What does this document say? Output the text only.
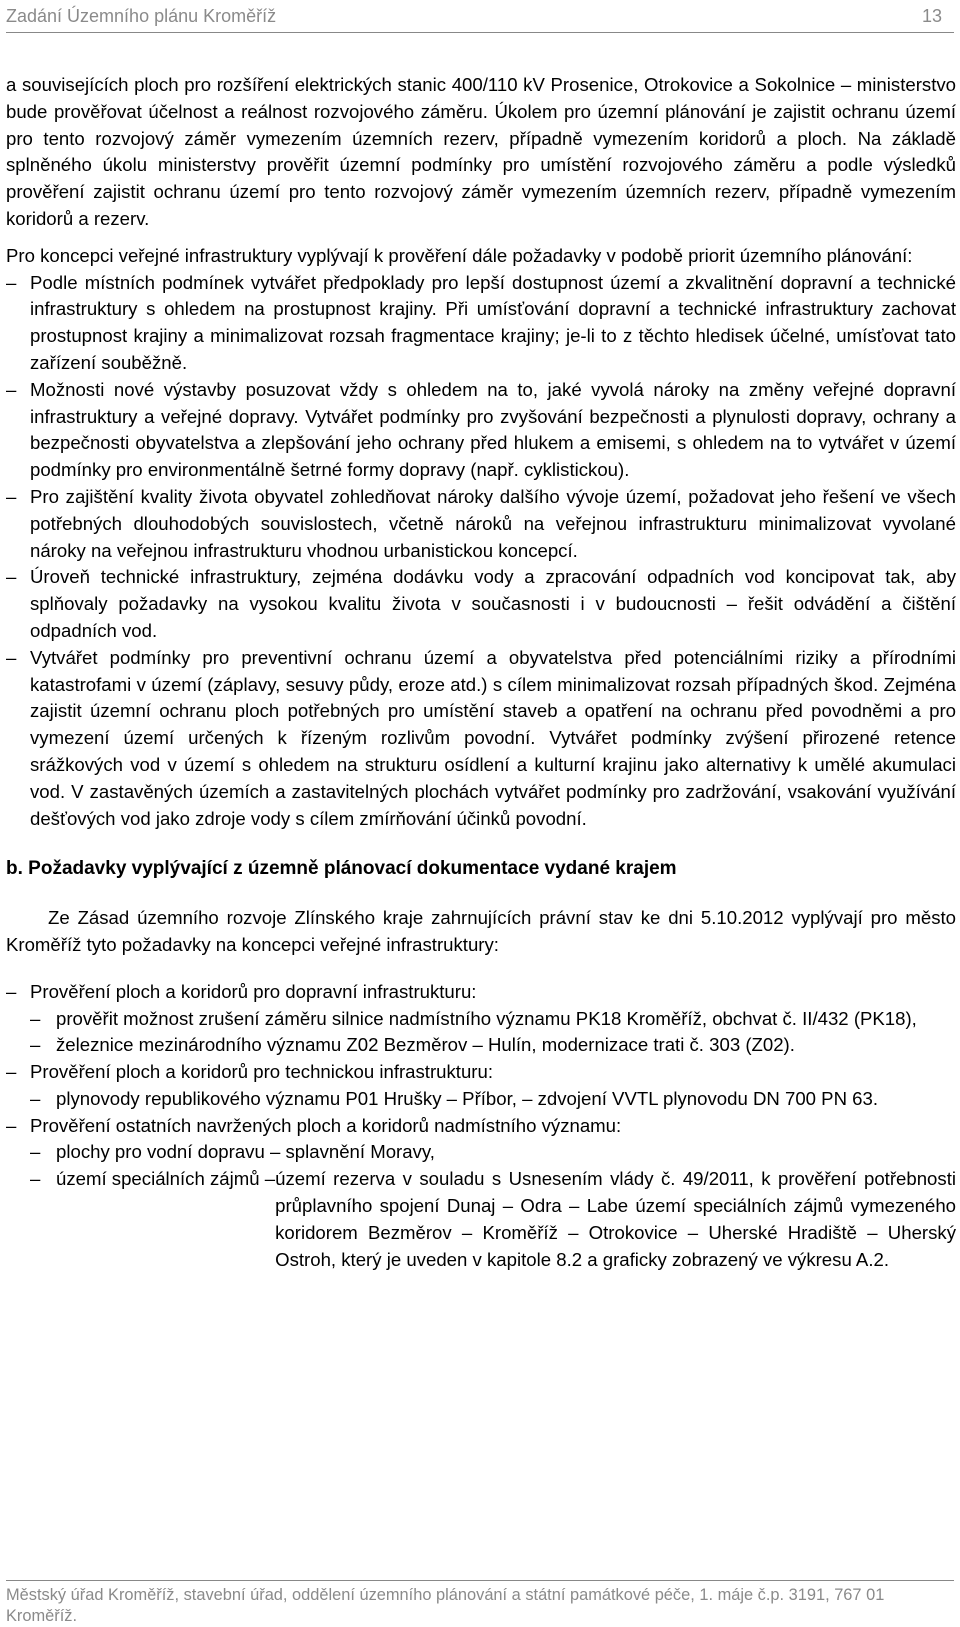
Zadání Územního plánu Kroměříž	13

a souvisejících ploch pro rozšíření elektrických stanic 400/110 kV Prosenice, Otrokovice a Sokolnice – ministerstvo bude prověřovat účelnost a reálnost rozvojového záměru. Úkolem pro územní plánování je zajistit ochranu území pro tento rozvojový záměr vymezením územních rezerv, případně vymezením koridorů a ploch. Na základě splněného úkolu ministerstvy prověřit územní podmínky pro umístění rozvojového záměru a podle výsledků prověření zajistit ochranu území pro tento rozvojový záměr vymezením územních rezerv, případně vymezením koridorů a rezerv.

Pro koncepci veřejné infrastruktury vyplývají k prověření dále požadavky v podobě priorit územního plánování:

– Podle místních podmínek vytvářet předpoklady pro lepší dostupnost území a zkvalitnění dopravní a technické infrastruktury s ohledem na prostupnost krajiny. Při umísťování dopravní a technické infrastruktury zachovat prostupnost krajiny a minimalizovat rozsah fragmentace krajiny; je-li to z těchto hledisek účelné, umísťovat tato zařízení souběžně.
– Možnosti nové výstavby posuzovat vždy s ohledem na to, jaké vyvolá nároky na změny veřejné dopravní infrastruktury a veřejné dopravy. Vytvářet podmínky pro zvyšování bezpečnosti a plynulosti dopravy, ochrany a bezpečnosti obyvatelstva a zlepšování jeho ochrany před hlukem a emisemi, s ohledem na to vytvářet v území podmínky pro environmentálně šetrné formy dopravy (např. cyklistickou).
– Pro zajištění kvality života obyvatel zohledňovat nároky dalšího vývoje území, požadovat jeho řešení ve všech potřebných dlouhodobých souvislostech, včetně nároků na veřejnou infrastrukturu minimalizovat vyvolané nároky na veřejnou infrastrukturu vhodnou urbanistickou koncepcí.
– Úroveň technické infrastruktury, zejména dodávku vody a zpracování odpadních vod koncipovat tak, aby splňovaly požadavky na vysokou kvalitu života v současnosti i v budoucnosti – řešit odvádění a čištění odpadních vod.
– Vytvářet podmínky pro preventivní ochranu území a obyvatelstva před potenciálními riziky a přírodními katastrofami v území (záplavy, sesuvy půdy, eroze atd.) s cílem minimalizovat rozsah případných škod. Zejména zajistit územní ochranu ploch potřebných pro umístění staveb a opatření na ochranu před povodněmi a pro vymezení území určených k řízeným rozlivům povodní. Vytvářet podmínky zvýšení přirozené retence srážkových vod v území s ohledem na strukturu osídlení a kulturní krajinu jako alternativy k umělé akumulaci vod. V zastavěných územích a zastavitelných plochách vytvářet podmínky pro zadržování, vsakování využívání dešťových vod jako zdroje vody s cílem zmírňování účinků povodní.

b. Požadavky vyplývající z územně plánovací dokumentace vydané krajem

Ze Zásad územního rozvoje Zlínského kraje zahrnujících právní stav ke dni 5.10.2012 vyplývají pro město Kroměříž tyto požadavky na koncepci veřejné infrastruktury:

– Prověření ploch a koridorů pro dopravní infrastrukturu:
– prověřit možnost zrušení záměru silnice nadmístního významu PK18 Kroměříž, obchvat č. II/432 (PK18),
– železnice mezinárodního významu Z02 Bezměrov – Hulín, modernizace trati č. 303 (Z02).
– Prověření ploch a koridorů pro technickou infrastrukturu:
– plynovody republikového významu P01 Hrušky – Příbor, – zdvojení VVTL plynovodu DN 700 PN 63.
– Prověření ostatních navržených ploch a koridorů nadmístního významu:
– plochy pro vodní dopravu – splavnění Moravy,
– území speciálních zájmů – území rezerva v souladu s Usnesením vlády č. 49/2011, k prověření potřebnosti průplavního spojení Dunaj – Odra – Labe území speciálních zájmů vymezeného koridorem Bezměrov – Kroměříž – Otrokovice – Uherské Hradiště – Uherský Ostroh, který je uveden v kapitole 8.2 a graficky zobrazený ve výkresu A.2.
Městský úřad Kroměříž, stavební úřad, oddělení územního plánování a státní památkové péče, 1. máje č.p. 3191, 767 01 Kroměříž.
